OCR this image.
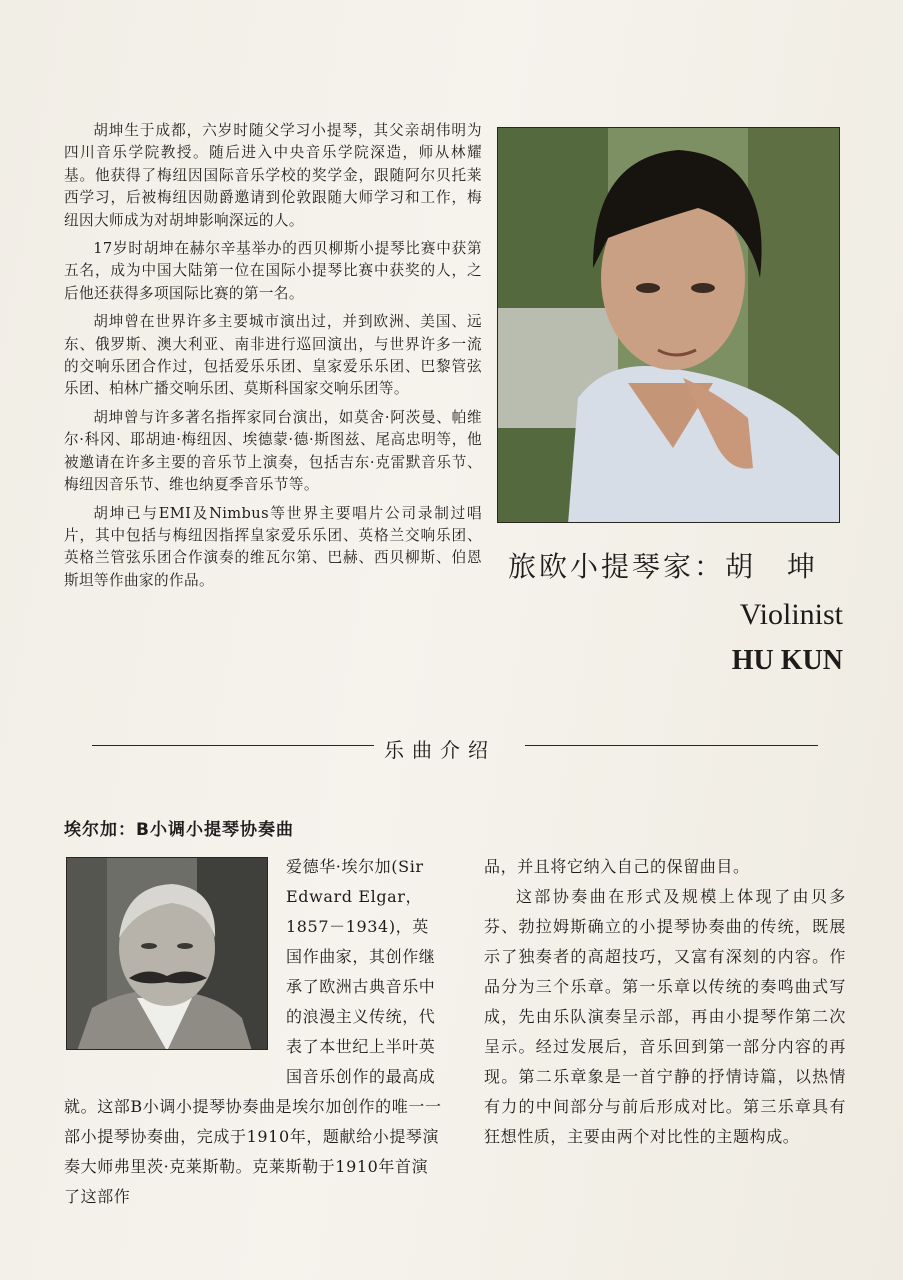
胡坤生于成都，六岁时随父学习小提琴，其父亲胡伟明为四川音乐学院教授。随后进入中央音乐学院深造，师从林耀基。他获得了梅纽因国际音乐学校的奖学金，跟随阿尔贝托莱西学习，后被梅纽因勋爵邀请到伦敦跟随大师学习和工作，梅纽因大师成为对胡坤影响深远的人。

17岁时胡坤在赫尔辛基举办的西贝柳斯小提琴比赛中获第五名，成为中国大陆第一位在国际小提琴比赛中获奖的人，之后他还获得多项国际比赛的第一名。

胡坤曾在世界许多主要城市演出过，并到欧洲、美国、远东、俄罗斯、澳大利亚、南非进行巡回演出，与世界许多一流的交响乐团合作过，包括爱乐乐团、皇家爱乐乐团、巴黎管弦乐团、柏林广播交响乐团、莫斯科国家交响乐团等。

胡坤曾与许多著名指挥家同台演出，如莫舍·阿茨曼、帕维尔·科冈、耶胡迪·梅纽因、埃德蒙·德·斯图兹、尾高忠明等，他被邀请在许多主要的音乐节上演奏，包括吉东·克雷默音乐节、梅纽因音乐节、维也纳夏季音乐节等。

胡坤已与EMI及Nimbus等世界主要唱片公司录制过唱片，其中包括与梅纽因指挥皇家爱乐乐团、英格兰交响乐团、英格兰管弦乐团合作演奏的维瓦尔第、巴赫、西贝柳斯、伯恩斯坦等作曲家的作品。	旅欧小提琴家：胡　坤
Violinist
HU KUN
乐曲介绍
埃尔加：B小调小提琴协奏曲
爱德华·埃尔加(Sir Edward Elgar，1857－1934)，英国作曲家，其创作继承了欧洲古典音乐中的浪漫主义传统，代表了本世纪上半叶英国音乐创作的最高成就。这部B小调小提琴协奏曲是埃尔加创作的唯一一部小提琴协奏曲，完成于1910年，题献给小提琴演奏大师弗里茨·克莱斯勒。克莱斯勒于1910年首演了这部作

品，并且将它纳入自己的保留曲目。

这部协奏曲在形式及规模上体现了由贝多芬、勃拉姆斯确立的小提琴协奏曲的传统，既展示了独奏者的高超技巧，又富有深刻的内容。作品分为三个乐章。第一乐章以传统的奏鸣曲式写成，先由乐队演奏呈示部，再由小提琴作第二次呈示。经过发展后，音乐回到第一部分内容的再现。第二乐章象是一首宁静的抒情诗篇，以热情有力的中间部分与前后形成对比。第三乐章具有狂想性质，主要由两个对比性的主题构成。
